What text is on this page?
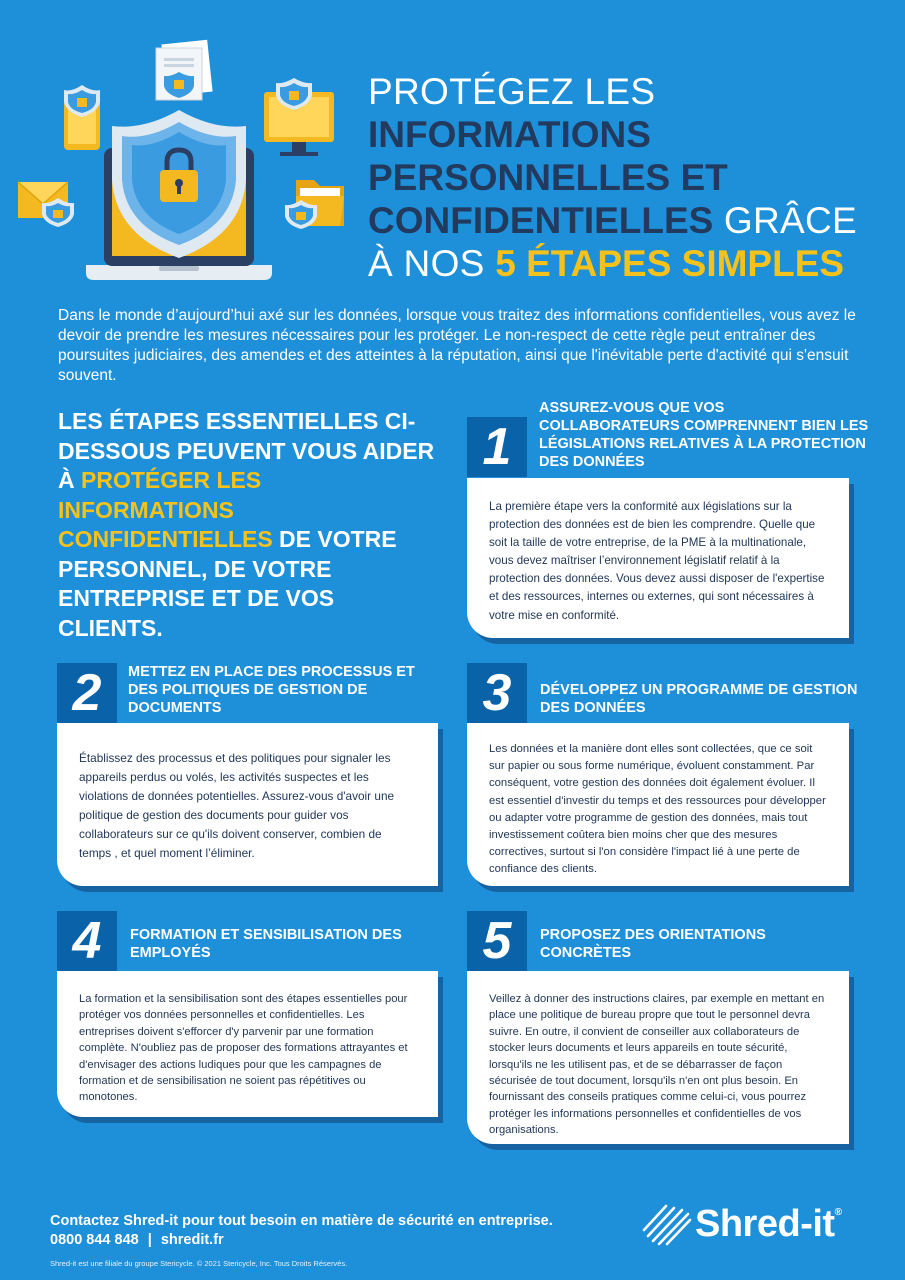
PROTÉGEZ LES
INFORMATIONS
PERSONNELLES ET
CONFIDENTIELLES GRÂCE
À NOS 5 ÉTAPES SIMPLES
Dans le monde d’aujourd’hui axé sur les données, lorsque vous traitez des informations confidentielles, vous avez le devoir de prendre les mesures nécessaires pour les protéger. Le non-respect de cette règle peut entraîner des poursuites judiciaires, des amendes et des atteintes à la réputation, ainsi que l'inévitable perte d'activité qui s'ensuit souvent.
LES ÉTAPES ESSENTIELLES CI-DESSOUS PEUVENT VOUS AIDER À PROTÉGER LES INFORMATIONS CONFIDENTIELLES DE VOTRE PERSONNEL, DE VOTRE ENTREPRISE ET DE VOS CLIENTS.
1
ASSUREZ-VOUS QUE VOS COLLABORATEURS COMPRENNENT BIEN LES LÉGISLATIONS RELATIVES À LA PROTECTION DES DONNÉES
La première étape vers la conformité aux législations sur la protection des données est de bien les comprendre. Quelle que soit la taille de votre entreprise, de la PME à la multinationale, vous devez maîtriser l’environnement législatif relatif à la protection des données. Vous devez aussi disposer de l'expertise et des ressources, internes ou externes, qui sont nécessaires à votre mise en conformité.
2	METTEZ EN PLACE DES PROCESSUS ET DES POLITIQUES DE GESTION DE DOCUMENTS
Établissez des processus et des politiques pour signaler les appareils perdus ou volés, les activités suspectes et les violations de données potentielles. Assurez-vous d'avoir une politique de gestion des documents pour guider vos collaborateurs sur ce qu'ils doivent conserver, combien de temps , et quel moment l’éliminer.
3	DÉVELOPPEZ UN PROGRAMME DE GESTION DES DONNÉES
Les données et la manière dont elles sont collectées, que ce soit sur papier ou sous forme numérique, évoluent constamment. Par conséquent, votre gestion des données doit également évoluer. Il est essentiel d'investir du temps et des ressources pour développer ou adapter votre programme de gestion des données, mais tout investissement coûtera bien moins cher que des mesures correctives, surtout si l'on considère l'impact lié à une perte de confiance des clients.
4	FORMATION ET SENSIBILISATION DES EMPLOYÉS
La formation et la sensibilisation sont des étapes essentielles pour protéger vos données personnelles et confidentielles. Les entreprises doivent s'efforcer d'y parvenir par une formation complète. N'oubliez pas de proposer des formations attrayantes et d'envisager des actions ludiques pour que les campagnes de formation et de sensibilisation ne soient pas répétitives ou monotones.
5	PROPOSEZ DES ORIENTATIONS CONCRÈTES
Veillez à donner des instructions claires, par exemple en mettant en place une politique de bureau propre que tout le personnel devra suivre. En outre, il convient de conseiller aux collaborateurs de stocker leurs documents et leurs appareils en toute sécurité, lorsqu'ils ne les utilisent pas, et de se débarrasser de façon sécurisée de tout document, lorsqu'ils n'en ont plus besoin. En fournissant des conseils pratiques comme celui-ci, vous pourrez protéger les informations personnelles et confidentielles de vos organisations.
Contactez Shred-it pour tout besoin en matière de sécurité en entreprise.
0800 844 848 | shredit.fr
Shred-it est une filiale du groupe Stericycle. © 2021 Stericycle, Inc. Tous Droits Réservés.
Shred-it®
